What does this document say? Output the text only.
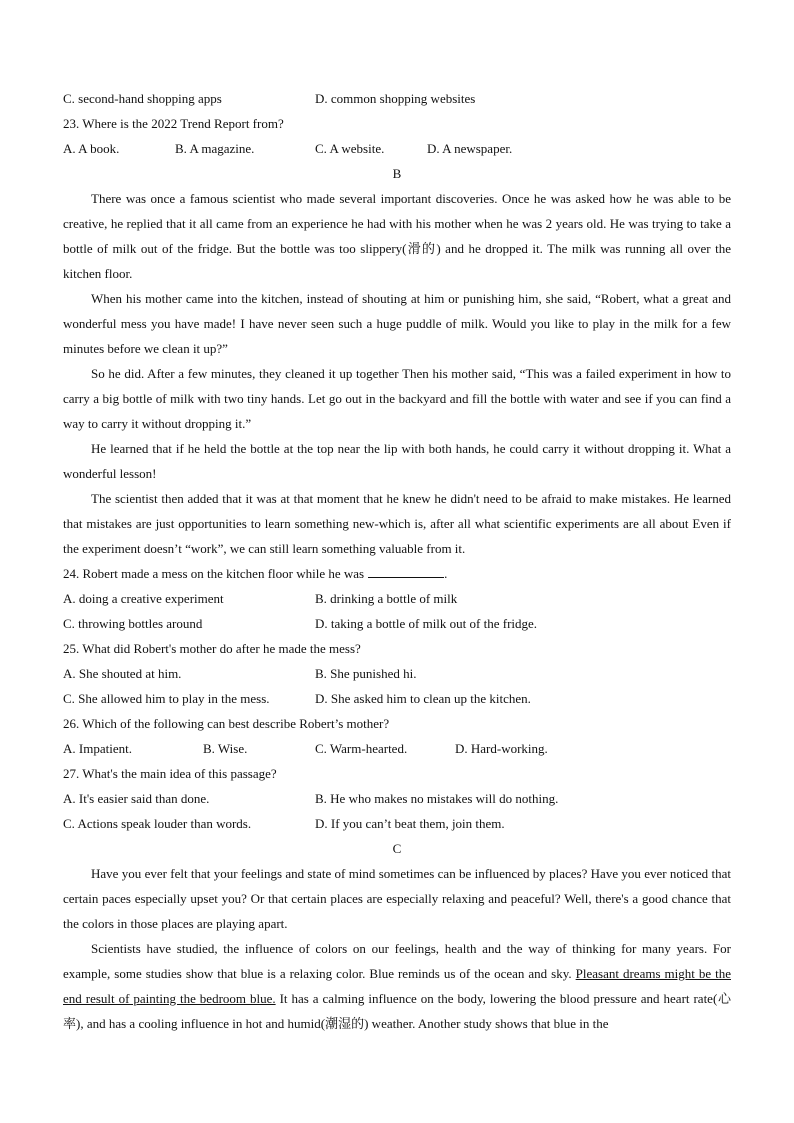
C. second-hand shopping apps	D. common shopping websites
23. Where is the 2022 Trend Report from?
A. A book.	B. A magazine.	C. A website.	D. A newspaper.
B

There was once a famous scientist who made several important discoveries. Once he was asked how he was able to be creative, he replied that it all came from an experience he had with his mother when he was 2 years old. He was trying to take a bottle of milk out of the fridge. But the bottle was too slippery(滑的) and he dropped it. The milk was running all over the kitchen floor.

When his mother came into the kitchen, instead of shouting at him or punishing him, she said, “Robert, what a great and wonderful mess you have made! I have never seen such a huge puddle of milk. Would you like to play in the milk for a few minutes before we clean it up?”

So he did. After a few minutes, they cleaned it up together Then his mother said, “This was a failed experiment in how to carry a big bottle of milk with two tiny hands. Let go out in the backyard and fill the bottle with water and see if you can find a way to carry it without dropping it.”

He learned that if he held the bottle at the top near the lip with both hands, he could carry it without dropping it. What a wonderful lesson!

The scientist then added that it was at that moment that he knew he didn't need to be afraid to make mistakes. He learned that mistakes are just opportunities to learn something new-which is, after all what scientific experiments are all about Even if the experiment doesn’t “work”, we can still learn something valuable from it.

24. Robert made a mess on the kitchen floor while he was	.
A. doing a creative experiment	B. drinking a bottle of milk
C. throwing bottles around	D. taking a bottle of milk out of the fridge.
25. What did Robert's mother do after he made the mess?
A. She shouted at him.	B. She punished hi.
C. She allowed him to play in the mess.	D. She asked him to clean up the kitchen.
26. Which of the following can best describe Robert’s mother?
A. Impatient.	B. Wise.	C. Warm-hearted.	D. Hard-working.
27. What's the main idea of this passage?
A. It's easier said than done.	B. He who makes no mistakes will do nothing.
C. Actions speak louder than words.	D. If you can’t beat them, join them.
C

Have you ever felt that your feelings and state of mind sometimes can be influenced by places? Have you ever noticed that certain paces especially upset you? Or that certain places are especially relaxing and peaceful? Well, there's a good chance that the colors in those places are playing apart.

Scientists have studied, the influence of colors on our feelings, health and the way of thinking for many years. For example, some studies show that blue is a relaxing color. Blue reminds us of the ocean and sky. Pleasant dreams might be the end result of painting the bedroom blue. It has a calming influence on the body, lowering the blood pressure and heart rate(心率), and has a cooling influence in hot and humid(潮湿的) weather. Another study shows that blue in the
